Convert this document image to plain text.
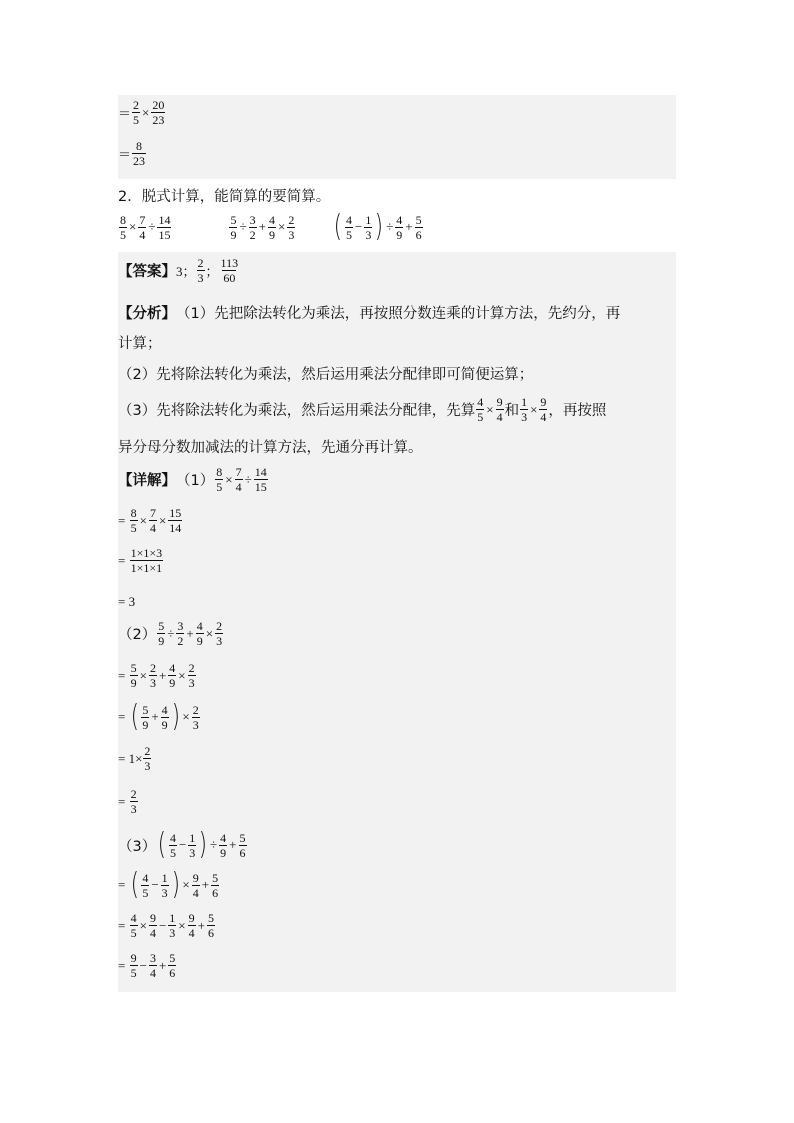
＝ $\frac{2}{5} \times \frac{20}{23}$
＝ $\frac{8}{23}$
2．脱式计算，能简算的要简算。
$\frac{8}{5} \times \frac{7}{4} \div \frac{14}{15}$	$\frac{5}{9} \div \frac{3}{2} + \frac{4}{9} \times \frac{2}{3}$ ( $\frac{4}{5} - \frac{1}{3}$ ) ÷ $\frac{4}{9} + \frac{5}{6}$
【答案】 3； $\frac{2}{3}$ ； $\frac{113}{60}$
【分析】 （1）先把除法转化为乘法，再按照分数连乘的计算方法，先约分，再
计算；
（2）先将除法转化为乘法，然后运用乘法分配律即可简便运算；
（3）先将除法转化为乘法，然后运用乘法分配律，先算 $\frac{4}{5} \times \frac{9}{4}$ 和 $\frac{1}{3} \times \frac{9}{4}$ ，再按照
异分母分数加减法的计算方法，先通分再计算。
【详解】 $(1) \frac{8}{5} \times \frac{7}{4} \div \frac{14}{15}$
=
$\frac{8}{5} \times \frac{7}{4} \times \frac{15}{14}$
=
$\frac{1\times 1\times 3}{1\times 1\times 1}$
= 3
$(2) \frac{5}{9} \div \frac{3}{2} + \frac{4}{9} \times \frac{2}{3}$
=
$\frac{5}{9} \times \frac{2}{3} + \frac{4}{9} \times \frac{2}{3}$
=
( $\frac{5}{9} + \frac{4}{9}$ ) × $\frac{2}{3}$
= $1\times \frac{2}{3}$
=
$\frac{2}{3}$
（3） ( $\frac{4}{5} - \frac{1}{3}$ ) ÷ $\frac{4}{9} + \frac{5}{6}$
=
( $\frac{4}{5} - \frac{1}{3}$ ) × $\frac{9}{4} + \frac{5}{6}$
=
$\frac{4}{5} \times \frac{9}{4} - \frac{1}{3} \times \frac{9}{4} + \frac{5}{6}$
=
$\frac{9}{5} - \frac{3}{4} + \frac{5}{6}$
